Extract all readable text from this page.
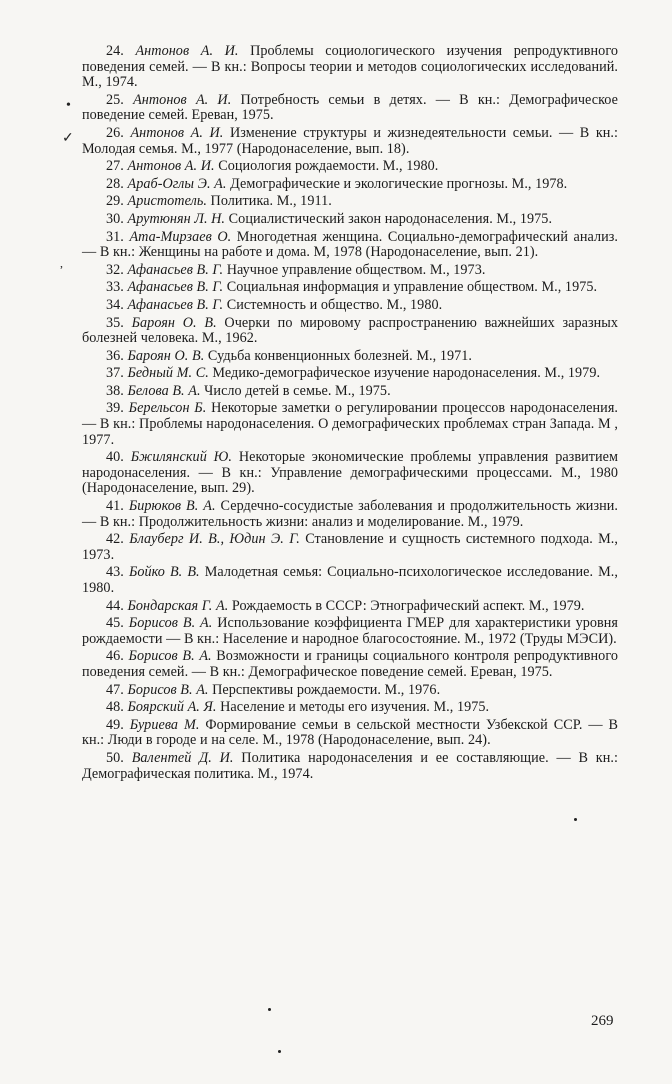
24. Антонов А. И. Проблемы социологического изучения репродуктивного поведения семей. — В кн.: Вопросы теории и методов социологических исследований. М., 1974.

25. Антонов А. И. Потребность семьи в детях. — В кн.: Демографическое поведение семей. Ереван, 1975.

26. Антонов А. И. Изменение структуры и жизнедеятельности семьи. — В кн.: Молодая семья. М., 1977 (Народонаселение, вып. 18).

27. Антонов А. И. Социология рождаемости. М., 1980.

28. Араб-Оглы Э. А. Демографические и экологические прогнозы. М., 1978.

29. Аристотель. Политика. М., 1911.

30. Арутюнян Л. Н. Социалистический закон народонаселения. М., 1975.

31. Ата-Мирзаев О. Многодетная женщина. Социально-демографический анализ. — В кн.: Женщины на работе и дома. М, 1978 (Народонаселение, вып. 21).

32. Афанасьев В. Г. Научное управление обществом. М., 1973.

33. Афанасьев В. Г. Социальная информация и управление обществом. М., 1975.

34. Афанасьев В. Г. Системность и общество. М., 1980.

35. Бароян О. В. Очерки по мировому распространению важнейших заразных болезней человека. М., 1962.

36. Бароян О. В. Судьба конвенционных болезней. М., 1971.

37. Бедный М. С. Медико-демографическое изучение народонаселения. М., 1979.

38. Белова В. А. Число детей в семье. М., 1975.

39. Берельсон Б. Некоторые заметки о регулировании процессов народонаселения. — В кн.: Проблемы народонаселения. О демографических проблемах стран Запада. М , 1977.

40. Бжилянский Ю. Некоторые экономические проблемы управления развитием народонаселения. — В кн.: Управление демографическими процессами. М., 1980 (Народонаселение, вып. 29).

41. Бирюков В. А. Сердечно-сосудистые заболевания и продолжительность жизни. — В кн.: Продолжительность жизни: анализ и моделирование. М., 1979.

42. Блауберг И. В., Юдин Э. Г. Становление и сущность системного подхода. М., 1973.

43. Бойко В. В. Малодетная семья: Социально-психологическое исследование. М., 1980.

44. Бондарская Г. А. Рождаемость в СССР: Этнографический аспект. М., 1979.

45. Борисов В. А. Использование коэффициента ГМЕР для характеристики уровня рождаемости — В кн.: Население и народное благосостояние. М., 1972 (Труды МЭСИ).

46. Борисов В. А. Возможности и границы социального контроля репродуктивного поведения семей. — В кн.: Демографическое поведение семей. Ереван, 1975.

47. Борисов В. А. Перспективы рождаемости. М., 1976.

48. Боярский А. Я. Население и методы его изучения. М., 1975.

49. Буриева М. Формирование семьи в сельской местности Узбекской ССР. — В кн.: Люди в городе и на селе. М., 1978 (Народонаселение, вып. 24).

50. Валентей Д. И. Политика народонаселения и ее составляющие. — В кн.: Демографическая политика. М., 1974.

•
✓
,
269
